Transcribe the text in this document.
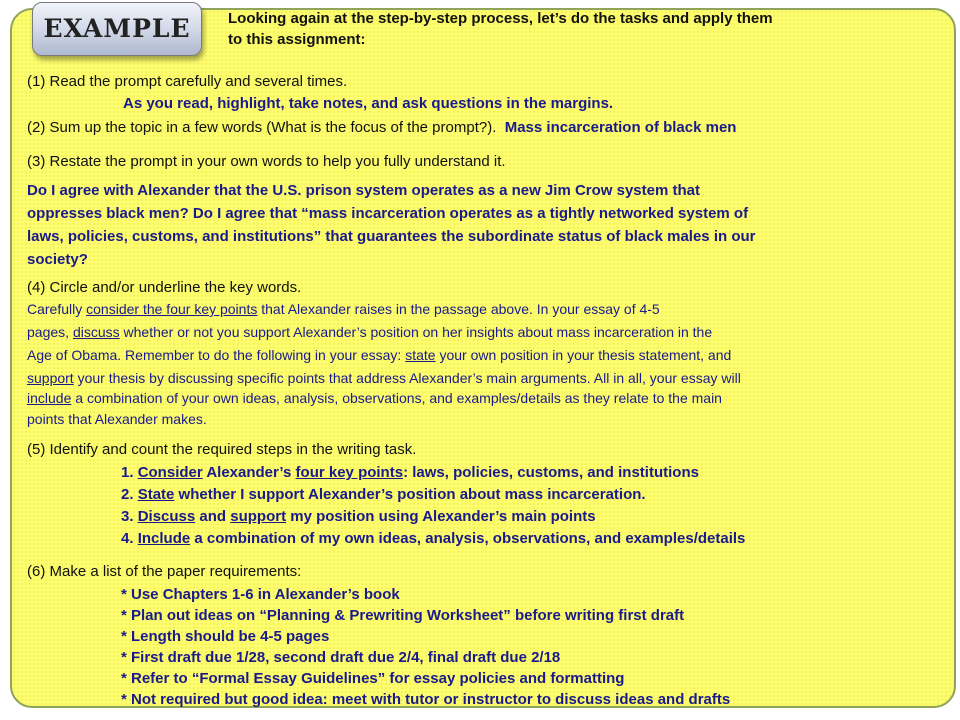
EXAMPLE	Looking again at the step-by-step process, let’s do the tasks and apply them
to this assignment:
(1) Read the prompt carefully and several times.
As you read, highlight, take notes, and ask questions in the margins.
(2) Sum up the topic in a few words (What is the focus of the prompt?). Mass incarceration of black men
(3) Restate the prompt in your own words to help you fully understand it.
Do I agree with Alexander that the U.S. prison system operates as a new Jim Crow system that
oppresses black men? Do I agree that “mass incarceration operates as a tightly networked system of
laws, policies, customs, and institutions” that guarantees the subordinate status of black males in our
society?
(4) Circle and/or underline the key words.
Carefully consider the four key points that Alexander raises in the passage above. In your essay of 4-5
pages, discuss whether or not you support Alexander’s position on her insights about mass incarceration in the
Age of Obama. Remember to do the following in your essay: state your own position in your thesis statement, and
support your thesis by discussing specific points that address Alexander’s main arguments. All in all, your essay will
include a combination of your own ideas, analysis, observations, and examples/details as they relate to the main
points that Alexander makes.
(5) Identify and count the required steps in the writing task.
1. Consider Alexander’s four key points: laws, policies, customs, and institutions
2. State whether I support Alexander’s position about mass incarceration.
3. Discuss and support my position using Alexander’s main points
4. Include a combination of my own ideas, analysis, observations, and examples/details
(6) Make a list of the paper requirements:
* Use Chapters 1-6 in Alexander’s book
* Plan out ideas on “Planning & Prewriting Worksheet” before writing first draft
* Length should be 4-5 pages
* First draft due 1/28, second draft due 2/4, final draft due 2/18
* Refer to “Formal Essay Guidelines” for essay policies and formatting
* Not required but good idea: meet with tutor or instructor to discuss ideas and drafts
